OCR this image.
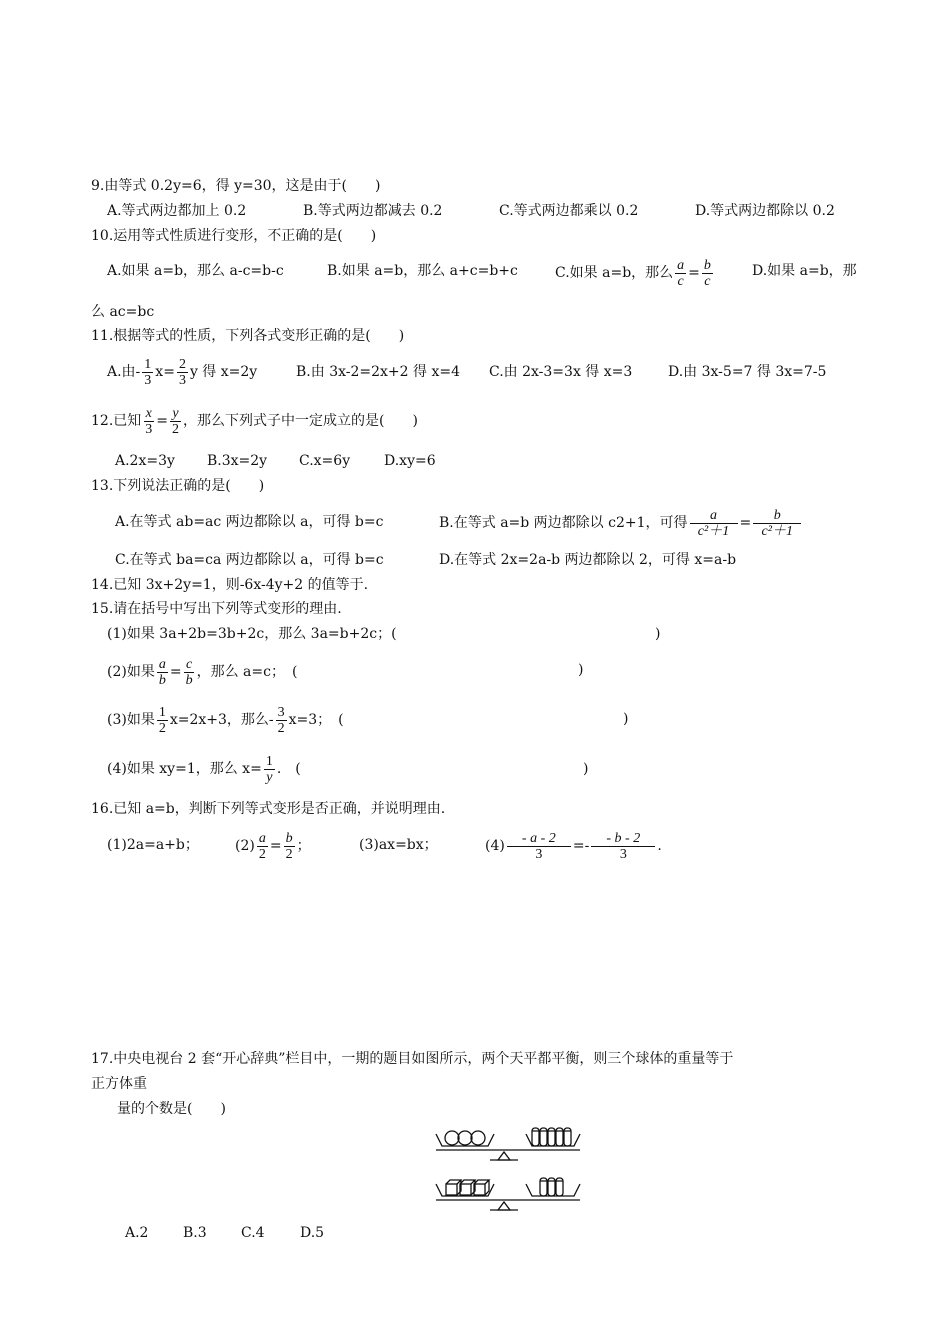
9.由等式 0.2y=6，得 y=30，这是由于(　　)
A.等式两边都加上 0.2	B.等式两边都减去 0.2	C.等式两边都乘以 0.2	D.等式两边都除以 0.2
10.运用等式性质进行变形，不正确的是(　　)
A.如果 a=b，那么 a-c=b-c	B.如果 a=b，那么 a+c=b+c	C.如果 a=b，那么 $\frac{a}{c} = \frac{b}{c}$	D.如果 a=b，那
么 ac=bc
11.根据等式的性质，下列各式变形正确的是(　　)
A.由- $\frac{1}{3} x= \frac{2}{3}$ y 得 x=2y	B.由 3x-2=2x+2 得 x=4 C.由 2x-3=3x 得 x=3	D.由 3x-5=7 得 3x=7-5
12.已知 $\frac{x}{3} = \frac{y}{2}$ ，那么下列式子中一定成立的是(　　)
A.2x=3y B.3x=2y C.x=6y D.xy=6
13.下列说法正确的是(　　)
A.在等式 ab=ac 两边都除以 a，可得 b=c	B.在等式 a=b 两边都除以 c2+1，可得 $\frac{a}{\text{c²＋1}} = \frac{b}{\text{c²＋1}}$
C.在等式 ba=ca 两边都除以 a，可得 b=c	D.在等式 2x=2a-b 两边都除以 2，可得 x=a-b
14.已知 3x+2y=1，则-6x-4y+2 的值等于.
15.请在括号中写出下列等式变形的理由.
(1)如果 3a+2b=3b+2c，那么 3a=b+2c；(	)
(2)如果 $\frac{a}{b} = \frac{c}{b}$ ，那么 a=c；　(	)
(3)如果 $\frac{1}{2} x=2x+3$，那么- $\frac{3}{2} x=3$；　(	)
(4)如果 xy=1，那么 $x= \frac{1}{y}$ .　(	)
16.已知 a=b，判断下列等式变形是否正确，并说明理由.
(1)2a=a+b；	$(2) \frac{a}{2} = \frac{b}{2}$ ；	(3)ax=bx；	$(4) \frac{- a - 2}{3} =- \frac{- b - 2}{3}$ .
17.中央电视台 2 套“开心辞典”栏目中，一期的题目如图所示，两个天平都平衡，则三个球体的重量等于
正方体重
量的个数是(　　)
A.2 B.3 C.4	D.5
